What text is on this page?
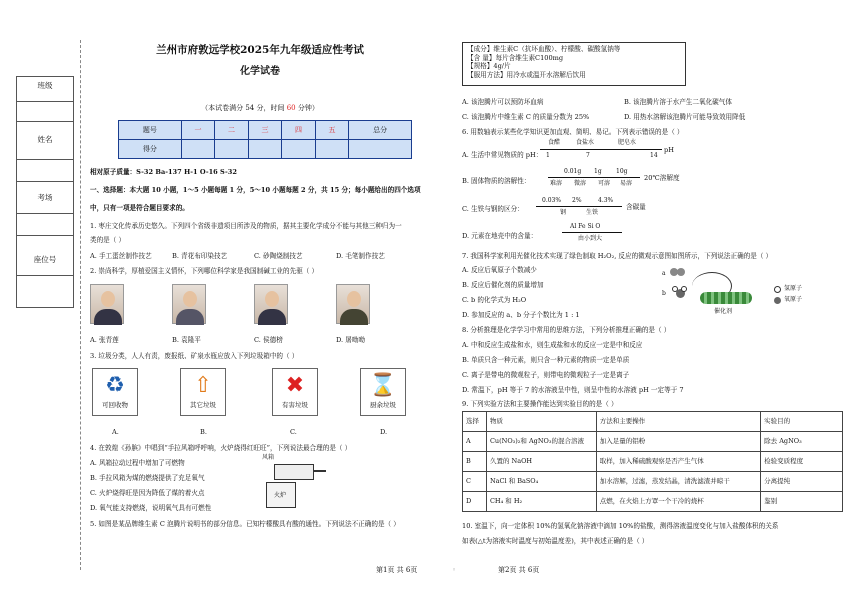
班级
姓名
考场
座位号
兰州市府敦远学校2025年九年级适应性考试
化学试卷
（本试卷满分 54 分，时间 60 分钟）
题号	一	二	三	四	五	总分
得分						
相对原子质量：S-32 Ba-137 H-1 O-16 S-32
一、选择题：本大题 10 小题，1～5 小题每题 1 分，5～10 小题每题 2 分，共 15 分；每小题给出的四个选项
中，只有一项是符合题目要求的。
1. 枣庄文化传承历史悠久。下列四个省级非遗项目所涉及的物质，据其主要化学成分不能与其他三种归为一
类的是（ ）
A. 手工蛋丝制作技艺	B. 青花布印染技艺	C. 砂陶烧制技艺	D. 毛笔制作技艺
2. 崇尚科学，厚植爱国主义情怀，下列哪位科学家是我国制碱工业的先驱（ ）
A. 张青莲	B. 袁隆平	C. 侯德榜	D. 屠呦呦
3. 垃圾分类，人人有责，废报纸、矿泉水瓶应放入下列垃圾箱中的（ ）
♻
可回收物
⇧
其它垃圾
✖
有害垃圾
⌛
厨余垃圾
A.	B.	C.	D.
4. 在敦煌《孙膑》中唱到“手拉风箱呼呼响，火炉烧得红旺旺”，下列说法最合理的是（ ）
A. 风箱拉动过程中增加了可燃物
B. 手拉风箱为煤的燃烧提供了充足氧气
C. 火炉烧得旺是因为降低了煤的着火点
D. 氧气能支持燃烧，说明氧气具有可燃性
风箱
火炉
5. 如图是某品牌维生素 C 泡腾片说明书的部分信息。已知柠檬酸具有酸的通性。下列说法不正确的是（ ）
【成分】维生素C（抗坏血酸）、柠檬酸、碳酸氢钠等
【含 量】每片含维生素C100mg
【规格】4g/片
【服用方法】用冷水或温开水溶解后饮用
A. 该泡腾片可以预防坏血病	B. 该泡腾片溶于水产生二氧化碳气体
C. 该泡腾片中维生素 C 的质量分数为 25%	D. 用热水溶解该泡腾片可能导致效用降低
6. 用数轴表示某些化学知识更加直观、简明、易记。下列表示错误的是（ ）
A. 生活中常见物质的 pH：
食醋	食盐水	肥皂水
1	7	14
pH
B. 固体物质的溶解性：
0.01g 1g 10g
难溶 微溶 可溶 易溶
20℃溶解度
C. 生铁与钢的区分：
0.03% 2%	4.3%
钢	生铁
含碳量
D. 元素在地壳中的含量：
Al Fe Si O
由小到大
7. 我国科学家利用光催化技术实现了绿色制取 H₂O₂, 反应的微观示意图如图所示，下列说法正确的是（ ）
A. 反应后氧原子个数减少
B. 反应后催化剂的质量增加
C. b 的化学式为 H₂O
D. 参加反应的 a、b 分子个数比为 1 : 1
a
b
催化剂
氢原子
氧原子
8. 分析推理是化学学习中常用的思维方法，下列分析推理正确的是（ ）
A. 中和反应生成盐和水，则生成盐和水的反应一定是中和反应
B. 单质只含一种元素，则只含一种元素的物质一定是单质
C. 离子是带电的微观粒子，则带电的微观粒子一定是离子
D. 常温下，pH 等于 7 的水溶液呈中性，则呈中性的水溶液 pH 一定等于 7
9. 下列实验方法和主要操作能达到实验目的的是（ ）
选择	物质	方法和主要操作	实验目的
A	Cu(NO₃)₂和 AgNO₃的混合溶液	加入足量的铝粉	除去 AgNO₃
B	久置的 NaOH	取样，加入稀硫酸观察是否产生气体	检验变质程度
C	NaCl 和 BaSO₄	加水溶解，过滤，蒸发结晶，清洗滤渣并晾干	分离提纯
D	CH₄ 和 H₂	点燃，在火焰上方罩一个干冷的烧杯	鉴别
10. 室温下，向一定体积 10%的氢氧化钠溶液中滴加 10%的盐酸，测得溶液温度变化与加入盐酸体积的关系
如表(△t为溶液实时温度与初始温度差)，其中表述正确的是（ ）
第1页 共 6页	◦	第2页 共 6页
